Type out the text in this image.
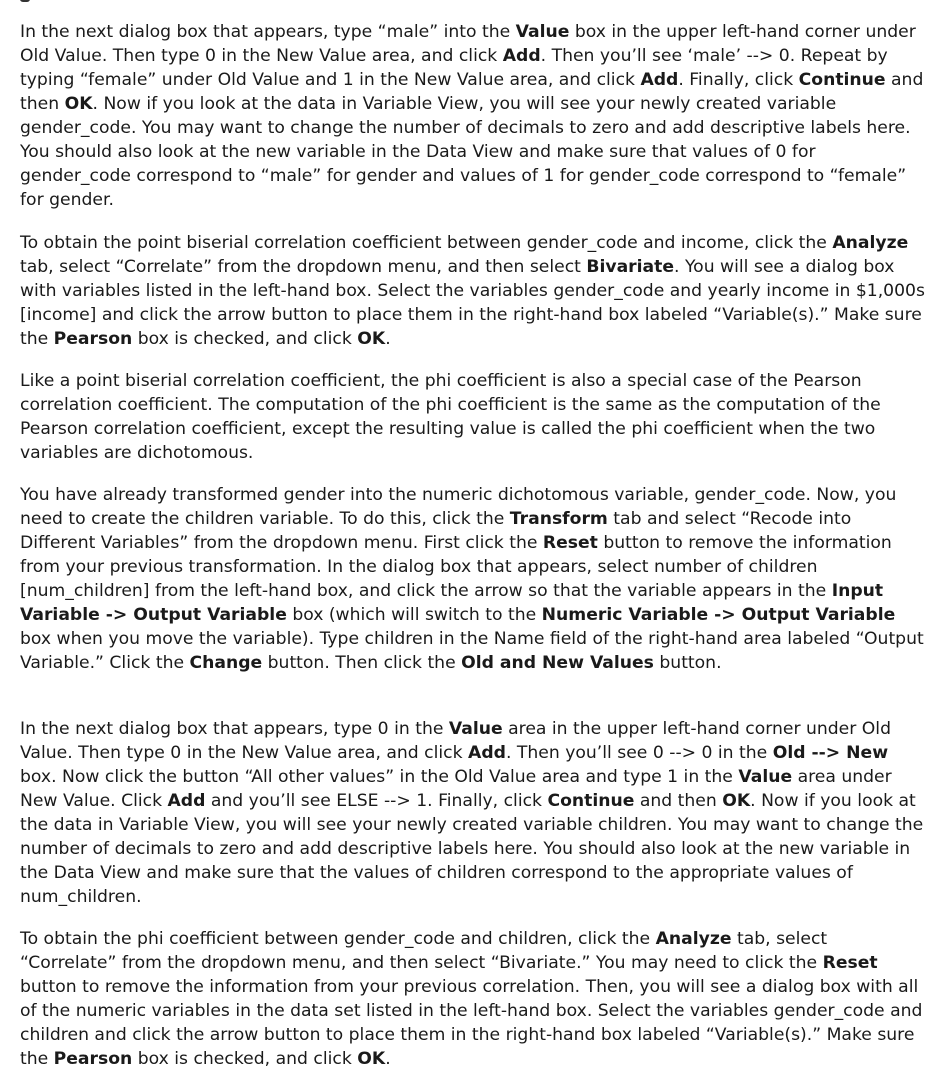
In the next dialog box that appears, type “male” into the Value box in the upper left-hand corner under Old Value. Then type 0 in the New Value area, and click Add. Then you’ll see ‘male’ --> 0. Repeat by typing “female” under Old Value and 1 in the New Value area, and click Add. Finally, click Continue and then OK. Now if you look at the data in Variable View, you will see your newly created variable gender_code. You may want to change the number of decimals to zero and add descriptive labels here. You should also look at the new variable in the Data View and make sure that values of 0 for gender_code correspond to “male” for gender and values of 1 for gender_code correspond to “female” for gender.

To obtain the point biserial correlation coefficient between gender_code and income, click the Analyze tab, select “Correlate” from the dropdown menu, and then select Bivariate. You will see a dialog box with variables listed in the left-hand box. Select the variables gender_code and yearly income in $1,000s [income] and click the arrow button to place them in the right-hand box labeled “Variable(s).” Make sure the Pearson box is checked, and click OK.

Like a point biserial correlation coefficient, the phi coefficient is also a special case of the Pearson correlation coefficient. The computation of the phi coefficient is the same as the computation of the Pearson correlation coefficient, except the resulting value is called the phi coefficient when the two variables are dichotomous.

You have already transformed gender into the numeric dichotomous variable, gender_code. Now, you need to create the children variable. To do this, click the Transform tab and select “Recode into Different Variables” from the dropdown menu. First click the Reset button to remove the information from your previous transformation. In the dialog box that appears, select number of children [num_children] from the left-hand box, and click the arrow so that the variable appears in the Input Variable -> Output Variable box (which will switch to the Numeric Variable -> Output Variable box when you move the variable). Type children in the Name field of the right-hand area labeled “Output Variable.” Click the Change button. Then click the Old and New Values button.

In the next dialog box that appears, type 0 in the Value area in the upper left-hand corner under Old Value. Then type 0 in the New Value area, and click Add. Then you’ll see 0 --> 0 in the Old --> New box. Now click the button “All other values” in the Old Value area and type 1 in the Value area under New Value. Click Add and you’ll see ELSE --> 1. Finally, click Continue and then OK. Now if you look at the data in Variable View, you will see your newly created variable children. You may want to change the number of decimals to zero and add descriptive labels here. You should also look at the new variable in the Data View and make sure that the values of children correspond to the appropriate values of num_children.

To obtain the phi coefficient between gender_code and children, click the Analyze tab, select “Correlate” from the dropdown menu, and then select “Bivariate.” You may need to click the Reset button to remove the information from your previous correlation. Then, you will see a dialog box with all of the numeric variables in the data set listed in the left-hand box. Select the variables gender_code and children and click the arrow button to place them in the right-hand box labeled “Variable(s).” Make sure the Pearson box is checked, and click OK.
